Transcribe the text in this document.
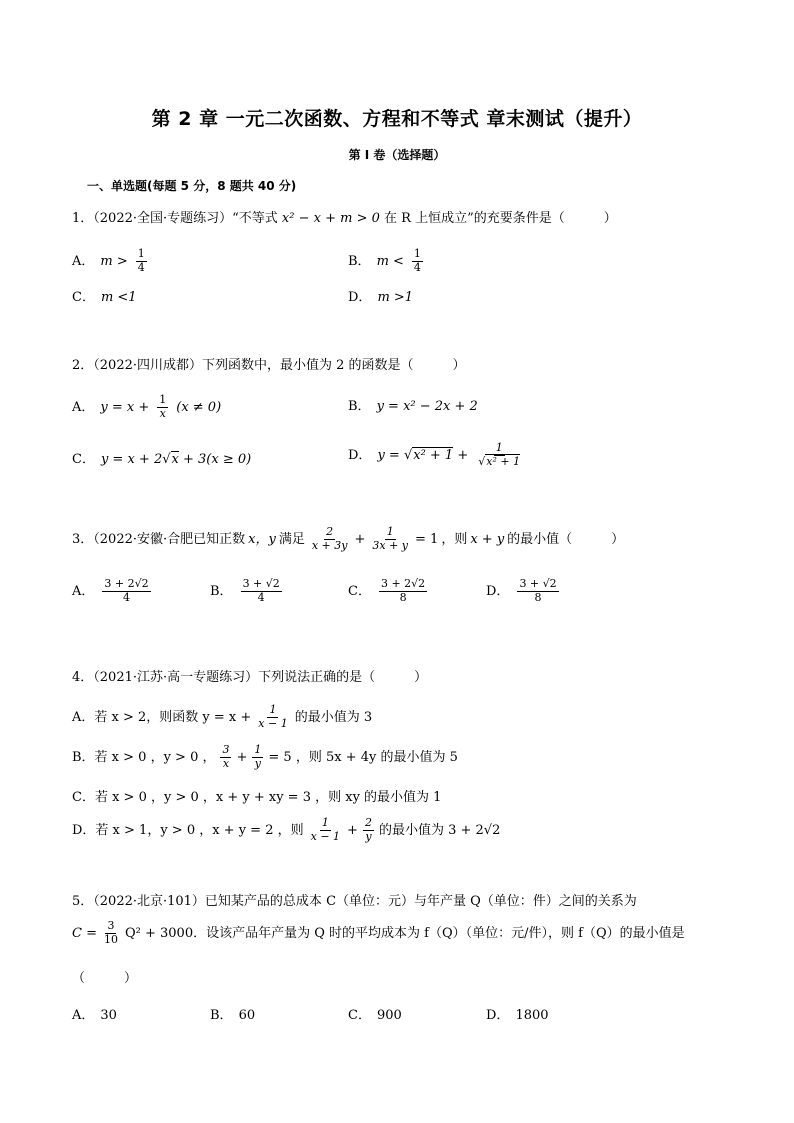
第 2 章 一元二次函数、方程和不等式 章末测试（提升）
第 I 卷（选择题）
一、单选题(每题 5 分，8 题共 40 分)
1．（2022·全国·专题练习）“不等式 x² − x + m > 0 在 R 上恒成立”的充要条件是（　　　）
A． $m > \frac{1}{4}$	B． $m < \frac{1}{4}$
C． m <1	D． m >1
2．（2022·四川成都）下列函数中，最小值为 2 的函数是（　　　）
A． $y = x + \frac{1}{x} (x \ne 0)$	B． y = x² − 2x + 2
C． y = x + 2√x + 3(x ≥ 0)	D． $y = √x^2 + 1 + \frac{1}{\text{√x² + 1}}$
3．（2022·安徽·合肥已知正数 x，y 满足 $\frac{2}{x + 3y} + \frac{1}{3x + y} = 1$ ，则 x + y 的最小值（　　　）
A． $\frac{3 + 2√2}{4}$	B． $\frac{3 + √2}{4}$	C． $\frac{3 + 2√2}{8}$	D． $\frac{3 + √2}{8}$
4．（2021·江苏·高一专题练习）下列说法正确的是（　　　）
A．若 x > 2，则函数 $y = x + \frac{1}{x - 1}$ 的最小值为 3
B．若 x > 0 ，y > 0 ， $\frac{3}{x} + \frac{1}{y} = 5$ ，则 5x + 4y 的最小值为 5
C．若 x > 0 ，y > 0 ，x + y + xy = 3 ，则 xy 的最小值为 1
D．若 x > 1，y > 0 ，x + y = 2 ，则 $\frac{1}{x - 1} + \frac{2}{y}$ 的最小值为 3 + 2√2
5．（2022·北京·101）已知某产品的总成本 C（单位：元）与年产量 Q（单位：件）之间的关系为
$C = \frac{3}{10} Q^2 + 3000$．设该产品年产量为 Q 时的平均成本为 f（Q）（单位：元/件），则 f（Q）的最小值是
（　　　）
A． 30	B． 60	C． 900	D． 1800
